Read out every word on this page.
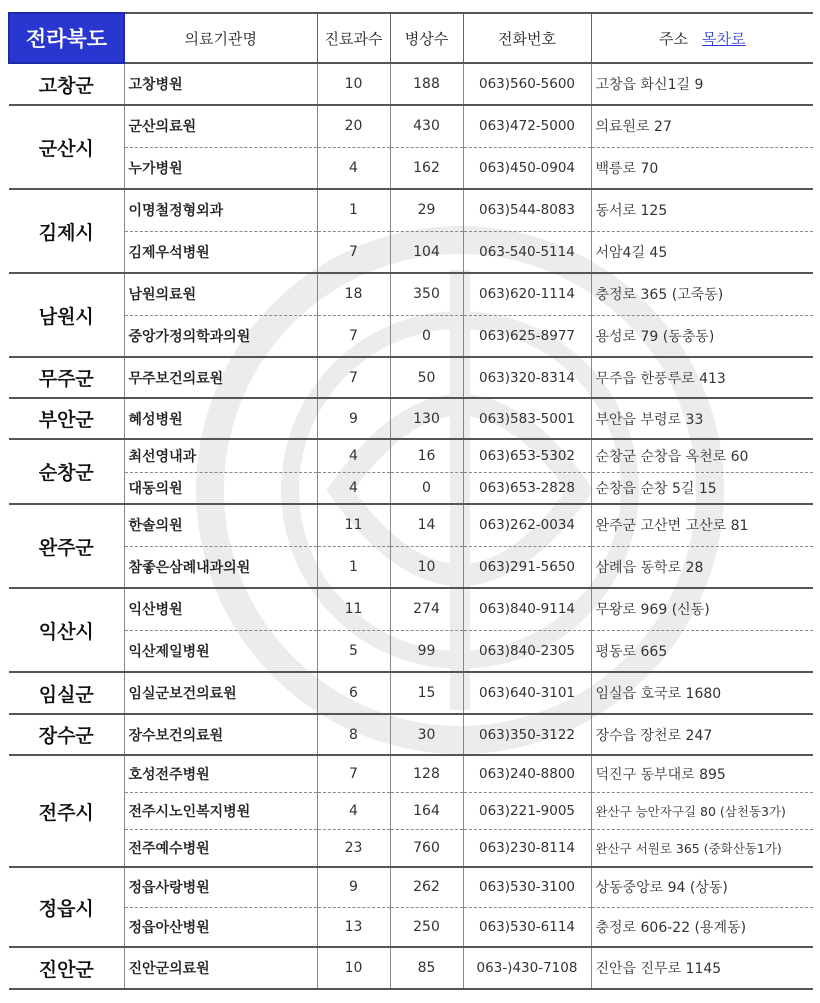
전라북도	의료기관명	진료과수	병상수	전화번호	주소 목차로
고창군	고창병원	10	188	063)560-5600	고창읍 화신1길 9
군산시	군산의료원	20	430	063)472-5000	의료원로 27
	누가병원	4	162	063)450-0904	백릉로 70
김제시	이명철정형외과	1	29	063)544-8083	동서로 125
	김제우석병원	7	104	063-540-5114	서암4길 45
남원시	남원의료원	18	350	063)620-1114	충정로 365 (고죽동)
	중앙가정의학과의원	7	0	063)625-8977	용성로 79 (동충동)
무주군	무주보건의료원	7	50	063)320-8314	무주읍 한풍루로 413
부안군	혜성병원	9	130	063)583-5001	부안읍 부령로 33
순창군	최선영내과	4	16	063)653-5302	순창군 순창읍 옥천로 60
	대동의원	4	0	063)653-2828	순창읍 순창 5길 15
완주군	한솔의원	11	14	063)262-0034	완주군 고산면 고산로 81
	참좋은삼례내과의원	1	10	063)291-5650	삼례읍 동학로 28
익산시	익산병원	11	274	063)840-9114	무왕로 969 (신동)
	익산제일병원	5	99	063)840-2305	평동로 665
임실군	임실군보건의료원	6	15	063)640-3101	임실읍 호국로 1680
장수군	장수보건의료원	8	30	063)350-3122	장수읍 장천로 247
전주시	호성전주병원	7	128	063)240-8800	덕진구 동부대로 895
	전주시노인복지병원	4	164	063)221-9005	완산구 능안자구길 80 (삼천동3가)
	전주예수병원	23	760	063)230-8114	완산구 서원로 365 (중화산동1가)
정읍시	정읍사랑병원	9	262	063)530-3100	상동중앙로 94 (상동)
	정읍아산병원	13	250	063)530-6114	충정로 606-22 (용계동)
진안군	진안군의료원	10	85	063-)430-7108	진안읍 진무로 1145
